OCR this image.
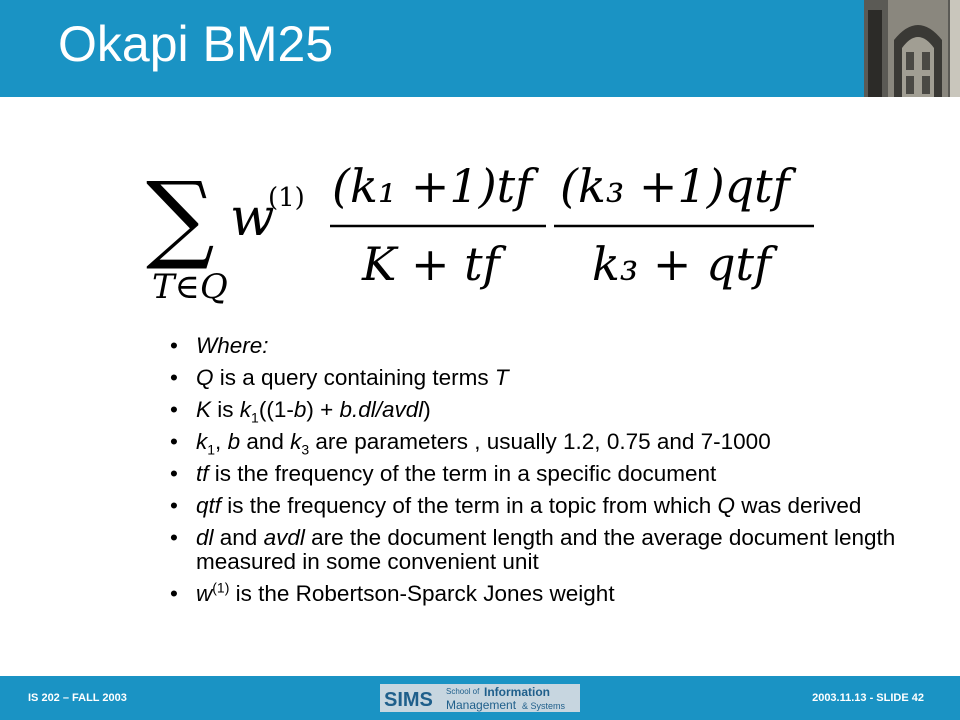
Okapi BM25
∑
T∈Q
w
(1) (k₁ +1)tf
K + tf
(k₃ +1)qtf
k₃ + qtf
• Where:
• Q is a query containing terms T
• K is $k_1((1-b)$ + b.dl/avdl)
• $k_1$, b and $k_3$ are parameters , usually 1.2, 0.75 and 7-1000
• tf is the frequency of the term in a specific document
• qtf is the frequency of the term in a topic from which Q was derived
• dl and avdl are the document length and the average document length measured in some convenient unit
• $w^{(1)}$ is the Robertson-Sparck Jones weight
IS 202 – FALL 2003	SIMS School of Information
Management & Systems
2003.11.13 - SLIDE 42
